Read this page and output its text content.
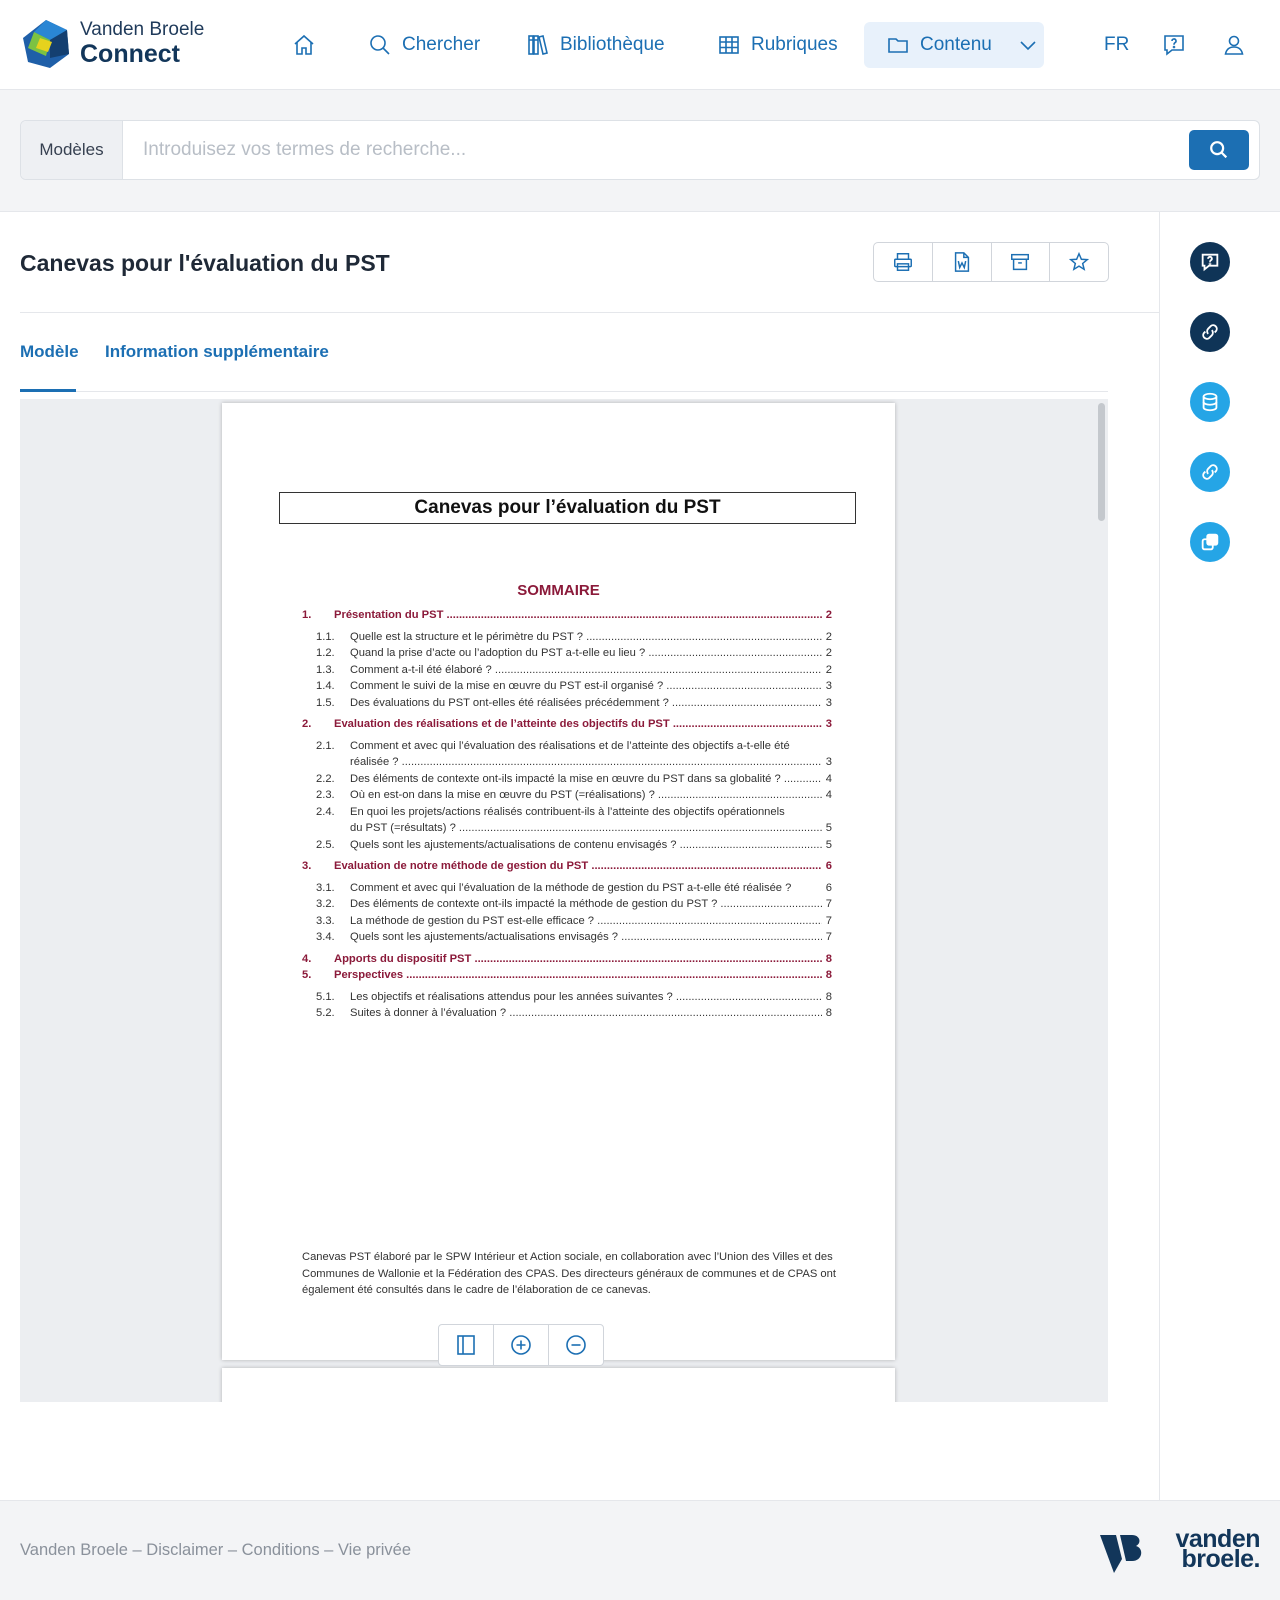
Vanden Broele
Connect	Chercher	Bibliothèque	Rubriques	Contenu	FR
Modèles
Introduisez vos termes de recherche...
Canevas pour l'évaluation du PST
Modèle Information supplémentaire
Canevas pour l’évaluation du PST
SOMMAIRE
1.	Présentation du PST .....	2
1.1.	Quelle est la structure et le périmètre du PST ? .....	2
1.2.	Quand la prise d’acte ou l’adoption du PST a-t-elle eu lieu ? .....	2
1.3.	Comment a-t-il été élaboré ? .....	2
1.4.	Comment le suivi de la mise en œuvre du PST est-il organisé ? .....	3
1.5.	Des évaluations du PST ont-elles été réalisées précédemment ? .....	3
2.	Evaluation des réalisations et de l’atteinte des objectifs du PST .....	3
2.1.	Comment et avec qui l’évaluation des réalisations et de l’atteinte des objectifs a-t-elle été
réalisée ? .....	3
2.2.	Des éléments de contexte ont-ils impacté la mise en œuvre du PST dans sa globalité ? .....	4
2.3.	Où en est-on dans la mise en œuvre du PST (=réalisations) ? .....	4
2.4.	En quoi les projets/actions réalisés contribuent-ils à l’atteinte des objectifs opérationnels
du PST (=résultats) ? .....	5
2.5.	Quels sont les ajustements/actualisations de contenu envisagés ? .....	5
3.	Evaluation de notre méthode de gestion du PST .....	6
3.1.	Comment et avec qui l’évaluation de la méthode de gestion du PST a-t-elle été réalisée ?	6
3.2.	Des éléments de contexte ont-ils impacté la méthode de gestion du PST ? .....	7
3.3.	La méthode de gestion du PST est-elle efficace ? .....	7
3.4.	Quels sont les ajustements/actualisations envisagés ? .....	7
4.	Apports du dispositif PST .....	8
5.	Perspectives .....	8
5.1.	Les objectifs et réalisations attendus pour les années suivantes ? .....	8
5.2.	Suites à donner à l’évaluation ? .....	8
Canevas PST élaboré par le SPW Intérieur et Action sociale, en collaboration avec l’Union des Villes et des Communes de Wallonie et la Fédération des CPAS. Des directeurs généraux de communes et de CPAS ont également été consultés dans le cadre de l’élaboration de ce canevas.
Vanden Broele – Disclaimer – Conditions – Vie privée	vanden
broele.
